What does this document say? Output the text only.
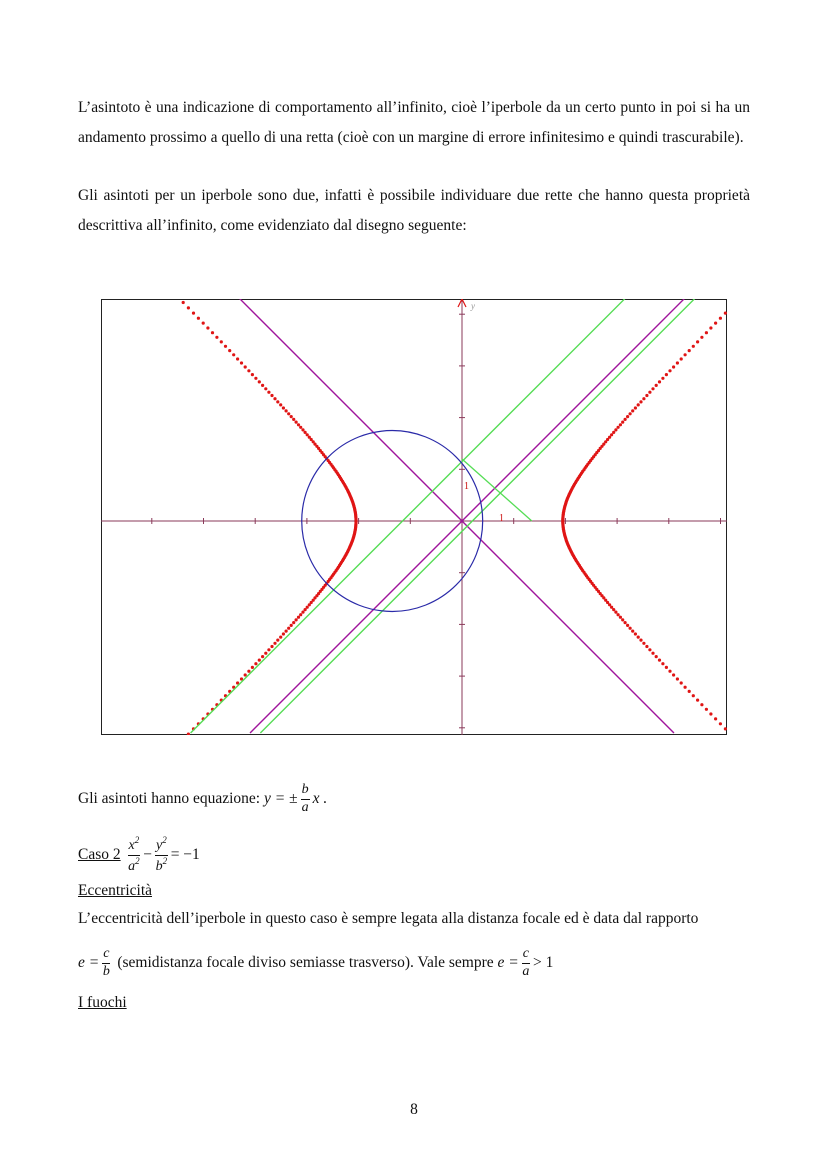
L’asintoto è una indicazione di comportamento all’infinito, cioè l’iperbole da un certo punto in poi si ha un andamento prossimo a quello di una retta (cioè con un margine di errore infinitesimo e quindi trascurabile).

Gli asintoti per un iperbole sono due, infatti è possibile individuare due rette che hanno questa proprietà descrittiva all’infinito, come evidenziato dal disegno seguente:

y
1
1
Gli asintoti hanno equazione: y = ± $\frac{b}{a}$ x .
Caso $2 \frac{x^2}{a^2} - \frac{y^2}{b^2} = -1$
Eccentricità
L’eccentricità dell’iperbole in questo caso è sempre legata alla distanza focale ed è data dal rapporto
$e = \frac{c}{b}$ (semidistanza focale diviso semiasse trasverso). Vale sempre $e = \frac{c}{a} > 1$
I fuochi
8
